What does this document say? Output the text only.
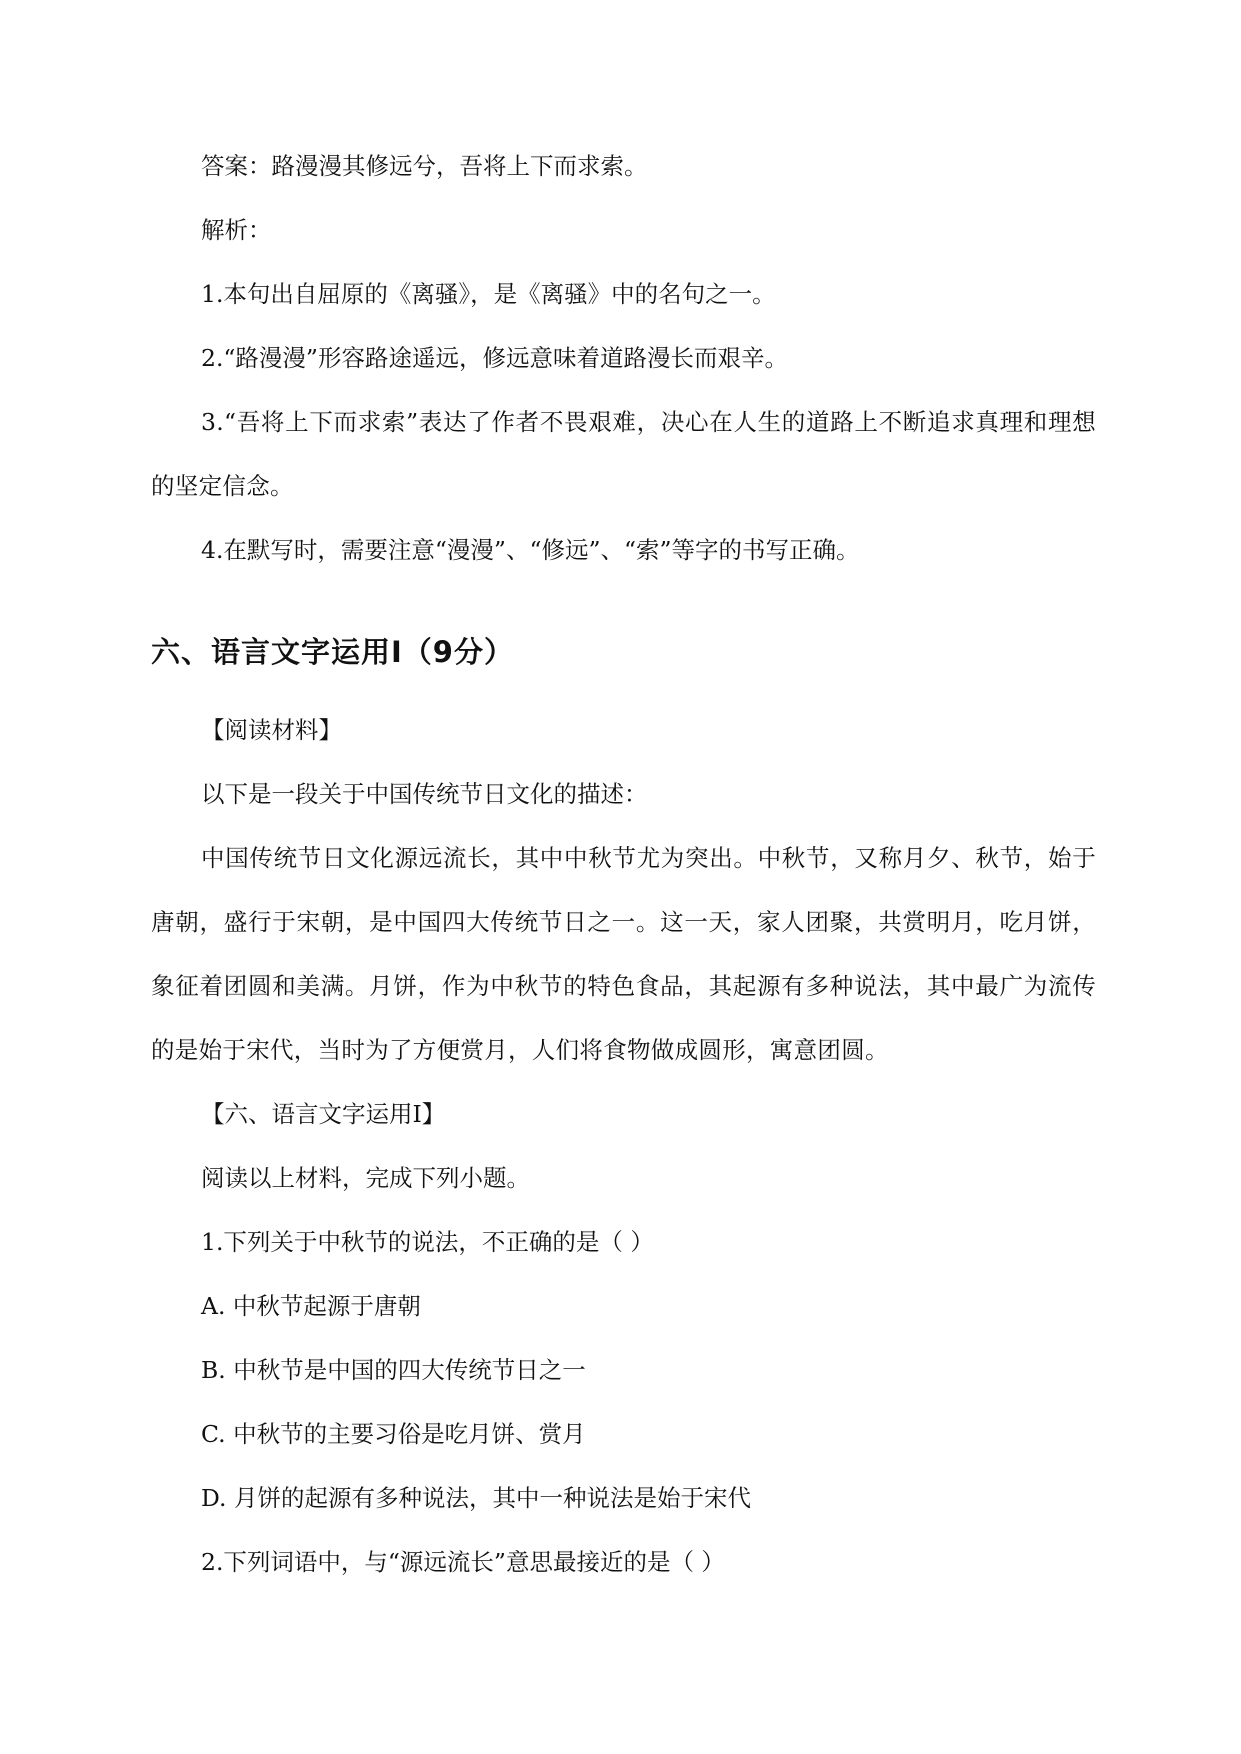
答案：路漫漫其修远兮，吾将上下而求索。

解析：

1.本句出自屈原的《离骚》，是《离骚》中的名句之一。

2.“路漫漫”形容路途遥远，修远意味着道路漫长而艰辛。

3.“吾将上下而求索”表达了作者不畏艰难，决心在人生的道路上不断追求真理和理想的坚定信念。

4.在默写时，需要注意“漫漫”、“修远”、“索”等字的书写正确。

六、语言文字运用Ⅰ（9分）

【阅读材料】

以下是一段关于中国传统节日文化的描述：

中国传统节日文化源远流长，其中中秋节尤为突出。中秋节，又称月夕、秋节，始于唐朝，盛行于宋朝，是中国四大传统节日之一。这一天，家人团聚，共赏明月，吃月饼，象征着团圆和美满。月饼，作为中秋节的特色食品，其起源有多种说法，其中最广为流传的是始于宋代，当时为了方便赏月，人们将食物做成圆形，寓意团圆。

【六、语言文字运用Ⅰ】

阅读以上材料，完成下列小题。

1.下列关于中秋节的说法，不正确的是（ ）

A. 中秋节起源于唐朝

B. 中秋节是中国的四大传统节日之一

C. 中秋节的主要习俗是吃月饼、赏月

D. 月饼的起源有多种说法，其中一种说法是始于宋代

2.下列词语中，与“源远流长”意思最接近的是（ ）
